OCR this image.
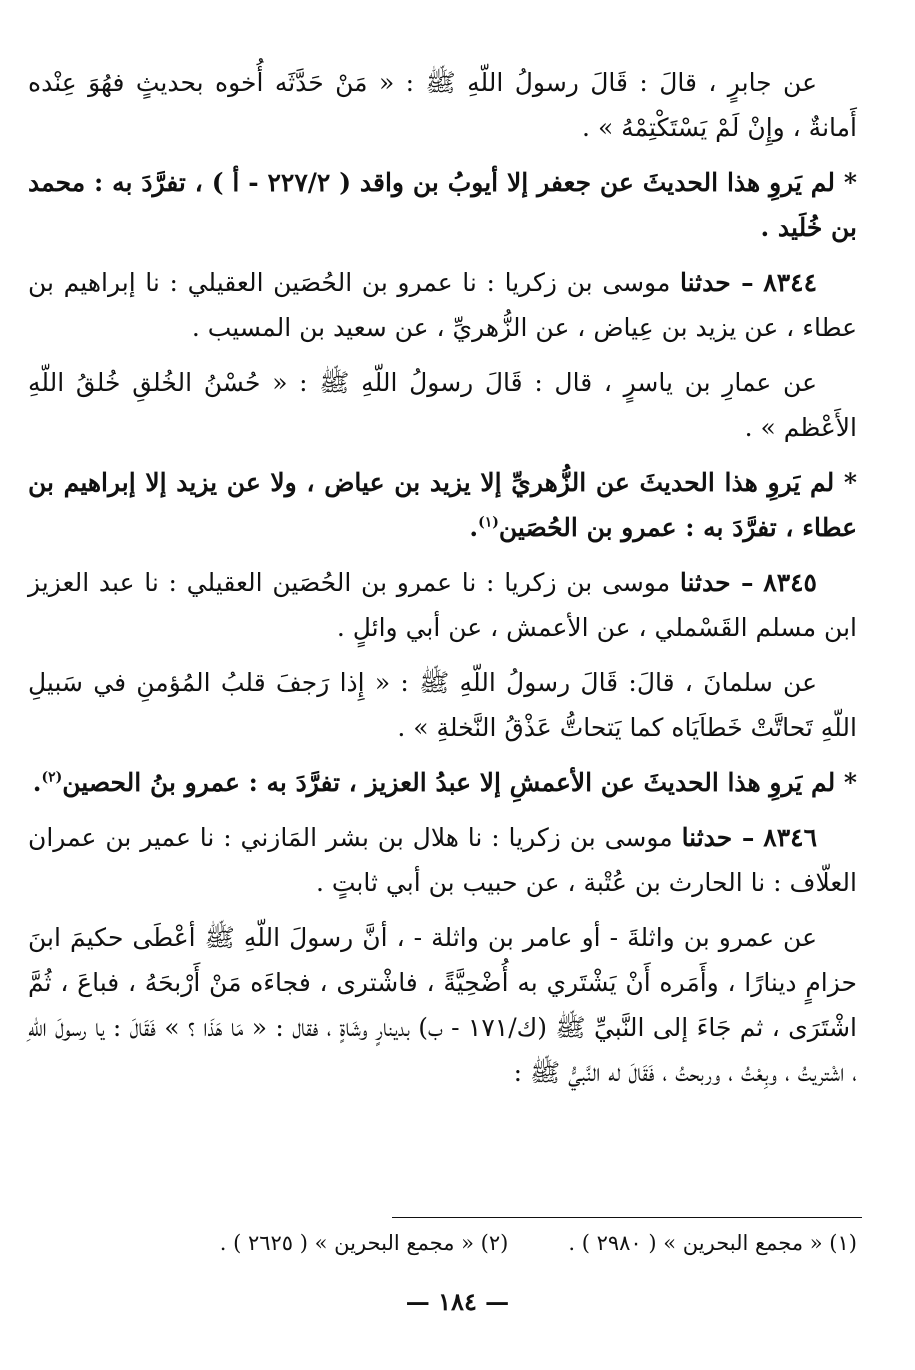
عن جابرٍ ، قالَ : قَالَ رسولُ اللّهِ ﷺ : « مَنْ حَدَّثَه أُخوه بحديثٍ فهُوَ عِنْده أَمانةٌ ، وإِنْ لَمْ يَسْتَكْتِمْهُ » .

* لم يَروِ هذا الحديثَ عن جعفر إلا أيوبُ بن واقد ( ٢٢٧/٢ - أ ) ، تفرَّدَ به : محمد بن خُلَيد .

٨٣٤٤ – حدثنا موسى بن زكريا : نا عمرو بن الحُصَين العقيلي : نا إبراهيم بن عطاء ، عن يزيد بن عِياض ، عن الزُّهريِّ ، عن سعيد بن المسيب .

عن عمارِ بن ياسرٍ ، قال : قَالَ رسولُ اللّهِ ﷺ : « حُسْنُ الخُلقِ خُلقُ اللّهِ الأَعْظم » .

* لم يَروِ هذا الحديثَ عن الزُّهريِّ إلا يزيد بن عياض ، ولا عن يزيد إلا إبراهيم بن عطاء ، تفرَّدَ به : عمرو بن الحُصَين$^{(١)}$.

٨٣٤٥ – حدثنا موسى بن زكريا : نا عمرو بن الحُصَين العقيلي : نا عبد العزيز ابن مسلم القَسْملي ، عن الأعمش ، عن أبي وائلٍ .

عن سلمانَ ، قالَ: قَالَ رسولُ اللّهِ ﷺ : « إِذا رَجفَ قلبُ المُؤمنِ في سَبيلِ اللّهِ تَحاتَّتْ خَطاَيَاه كما يَتحاتُّ عَذْقُ النَّخلةِ » .

* لم يَروِ هذا الحديثَ عن الأعمشِ إلا عبدُ العزيز ، تفرَّدَ به : عمرو بنُ الحصين$^{(٢)}$.

٨٣٤٦ – حدثنا موسى بن زكريا : نا هلال بن بشر المَازني : نا عمير بن عمران العلّاف : نا الحارث بن عُتْبة ، عن حبيب بن أبي ثابتٍ .

عن عمرو بن واثلةَ - أو عامر بن واثلة - ، أنَّ رسولَ اللّهِ ﷺ أعْطَى حكيمَ ابنَ حزامٍ دينارًا ، وأَمَره أَنْ يَشْتَري به أُضْحِيَّةً ، فاشْترى ، فجاءَه مَنْ أَرْبحَهُ ، فباعَ ، ثُمَّ اشْتَرَى ، ثم جَاءَ إلى النَّبيِّ ﷺ (ك/١٧١ - ب) بدينارٍ وشَاةٍ ، فقال : « مَا هَذَا ؟ » فَقَالَ : يا رسولَ اللّهِ ، اشْتريتُ ، وبِعْتُ ، وربحتُ ، فَقَالَ له النَّبيُّ ﷺ :

(١) « مجمع البحرين » ( ٢٩٨٠ ) .
(٢) « مجمع البحرين » ( ٢٦٢٥ ) .
— ١٨٤ —
